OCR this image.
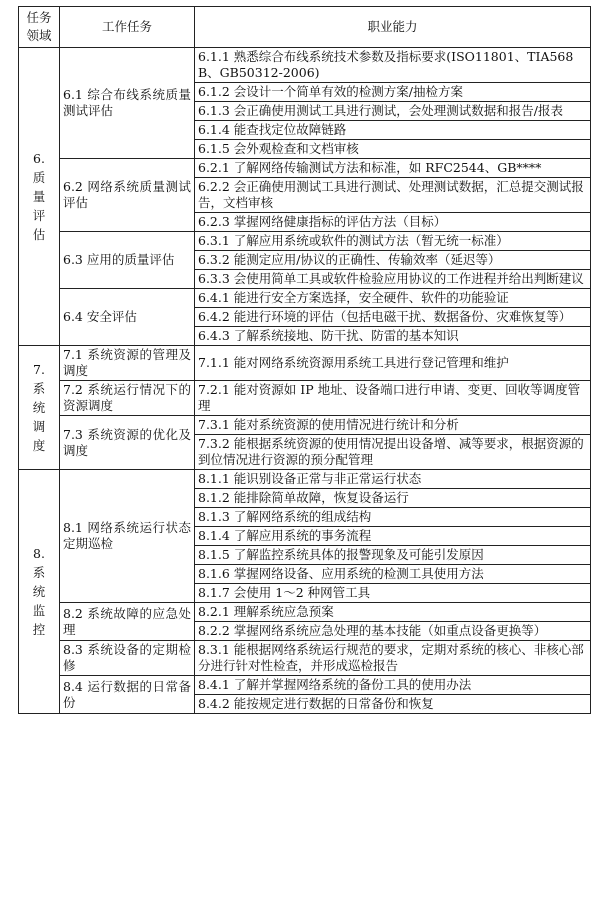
任务
领域	工作任务	职业能力

6.
质
量
评
估	6.1 综合布线系统质量测试评估	6.1.1 熟悉综合布线系统技术参数及指标要求(ISO11801、TIA568B、GB50312-2006)
		6.1.2 会设计一个简单有效的检测方案/抽检方案
		6.1.3 会正确使用测试工具进行测试，会处理测试数据和报告/报表
		6.1.4 能查找定位故障链路
		6.1.5 会外观检查和文档审核
	6.2 网络系统质量测试评估	6.2.1 了解网络传输测试方法和标准，如 RFC2544、GB****
		6.2.2 会正确使用测试工具进行测试、处理测试数据，汇总提交测试报告，文档审核
		6.2.3 掌握网络健康指标的评估方法（目标）
	6.3 应用的质量评估	6.3.1 了解应用系统或软件的测试方法（暂无统一标准）
		6.3.2 能测定应用/协议的正确性、传输效率（延迟等）
		6.3.3 会使用简单工具或软件检验应用协议的工作进程并给出判断建议
	6.4 安全评估	6.4.1 能进行安全方案选择，安全硬件、软件的功能验证
		6.4.2 能进行环境的评估（包括电磁干扰、数据备份、灾难恢复等）
		6.4.3 了解系统接地、防干扰、防雷的基本知识

7.
系
统
调
度	7.1 系统资源的管理及调度	7.1.1 能对网络系统资源用系统工具进行登记管理和维护
	7.2 系统运行情况下的资源调度	7.2.1 能对资源如 IP 地址、设备端口进行申请、变更、回收等调度管理
	7.3 系统资源的优化及调度	7.3.1 能对系统资源的使用情况进行统计和分析
		7.3.2 能根据系统资源的使用情况提出设备增、减等要求，根据资源的到位情况进行资源的预分配管理

8.
系
统
监
控	8.1 网络系统运行状态定期巡检	8.1.1 能识别设备正常与非正常运行状态
		8.1.2 能排除简单故障，恢复设备运行
		8.1.3 了解网络系统的组成结构
		8.1.4 了解应用系统的事务流程
		8.1.5 了解监控系统具体的报警现象及可能引发原因
		8.1.6 掌握网络设备、应用系统的检测工具使用方法
		8.1.7 会使用 1～2 种网管工具
	8.2 系统故障的应急处理	8.2.1 理解系统应急预案
		8.2.2 掌握网络系统应急处理的基本技能（如重点设备更换等）
	8.3 系统设备的定期检修	8.3.1 能根据网络系统运行规范的要求，定期对系统的核心、非核心部分进行针对性检查，并形成巡检报告
	8.4 运行数据的日常备份	8.4.1 了解并掌握网络系统的备份工具的使用办法
		8.4.2 能按规定进行数据的日常备份和恢复
